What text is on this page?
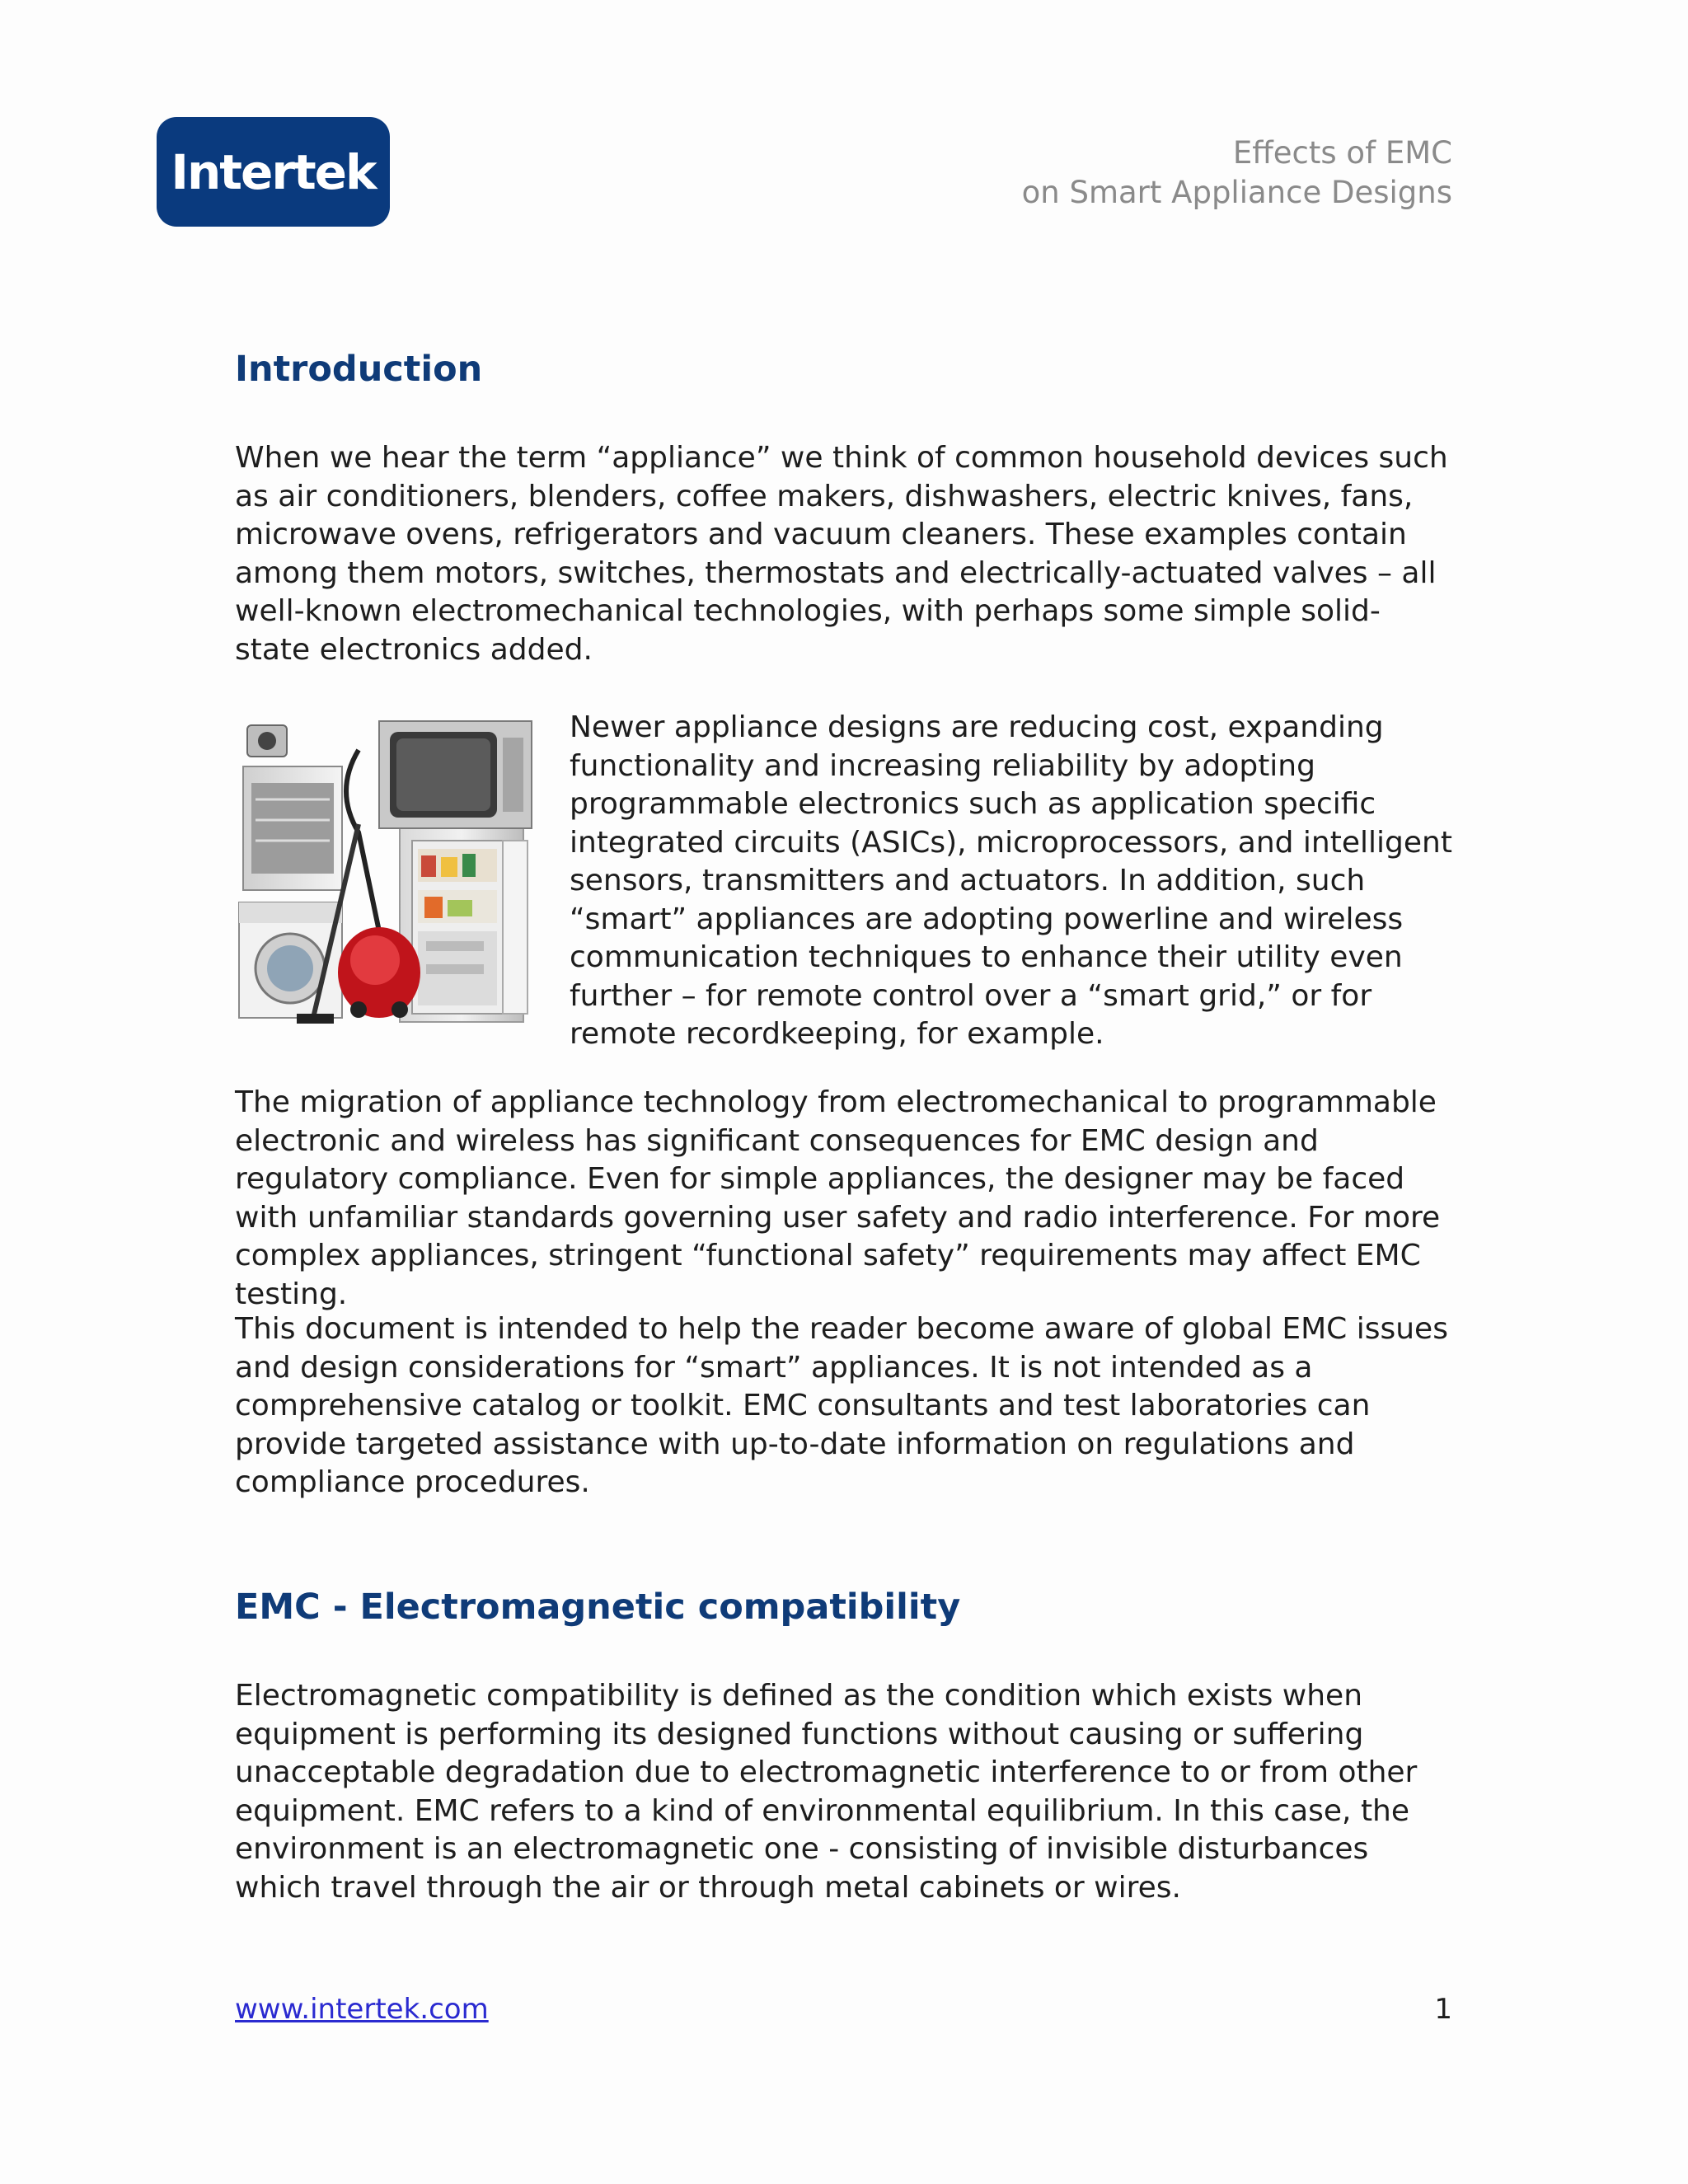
Intertek	Effects of EMC
on Smart Appliance Designs
Introduction

When we hear the term “appliance” we think of common household devices such as air conditioners, blenders, coffee makers, dishwashers, electric knives, fans, microwave ovens, refrigerators and vacuum cleaners. These examples contain among them motors, switches, thermostats and electrically-actuated valves – all well-known electromechanical technologies, with perhaps some simple solid-state electronics added.

Newer appliance designs are reducing cost, expanding functionality and increasing reliability by adopting programmable electronics such as application specific integrated circuits (ASICs), microprocessors, and intelligent sensors, transmitters and actuators. In addition, such “smart” appliances are adopting powerline and wireless communication techniques to enhance their utility even further – for remote control over a “smart grid,” or for remote recordkeeping, for example.

The migration of appliance technology from electromechanical to programmable electronic and wireless has significant consequences for EMC design and regulatory compliance. Even for simple appliances, the designer may be faced with unfamiliar standards governing user safety and radio interference. For more complex appliances, stringent “functional safety” requirements may affect EMC testing.

This document is intended to help the reader become aware of global EMC issues and design considerations for “smart” appliances. It is not intended as a comprehensive catalog or toolkit. EMC consultants and test laboratories can provide targeted assistance with up-to-date information on regulations and compliance procedures.

EMC - Electromagnetic compatibility

Electromagnetic compatibility is defined as the condition which exists when equipment is performing its designed functions without causing or suffering unacceptable degradation due to electromagnetic interference to or from other equipment. EMC refers to a kind of environmental equilibrium. In this case, the environment is an electromagnetic one - consisting of invisible disturbances which travel through the air or through metal cabinets or wires.

www.intertek.com	1
